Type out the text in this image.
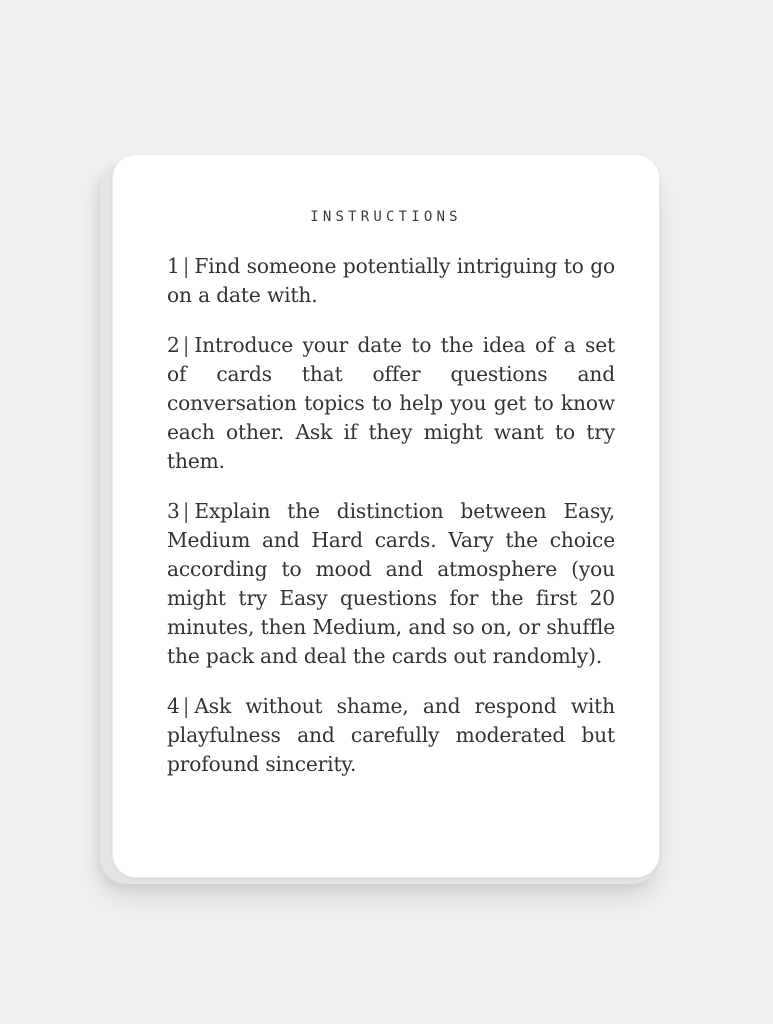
INSTRUCTIONS

1 | Find someone potentially intriguing to go on a date with.

2 | Introduce your date to the idea of a set of cards that offer questions and conversation topics to help you get to know each other. Ask if they might want to try them.

3 | Explain the distinction between Easy, Medium and Hard cards. Vary the choice according to mood and atmosphere (you might try Easy questions for the first 20 minutes, then Medium, and so on, or shuffle the pack and deal the cards out randomly).

4 | Ask without shame, and respond with playfulness and carefully moderated but profound sincerity.
